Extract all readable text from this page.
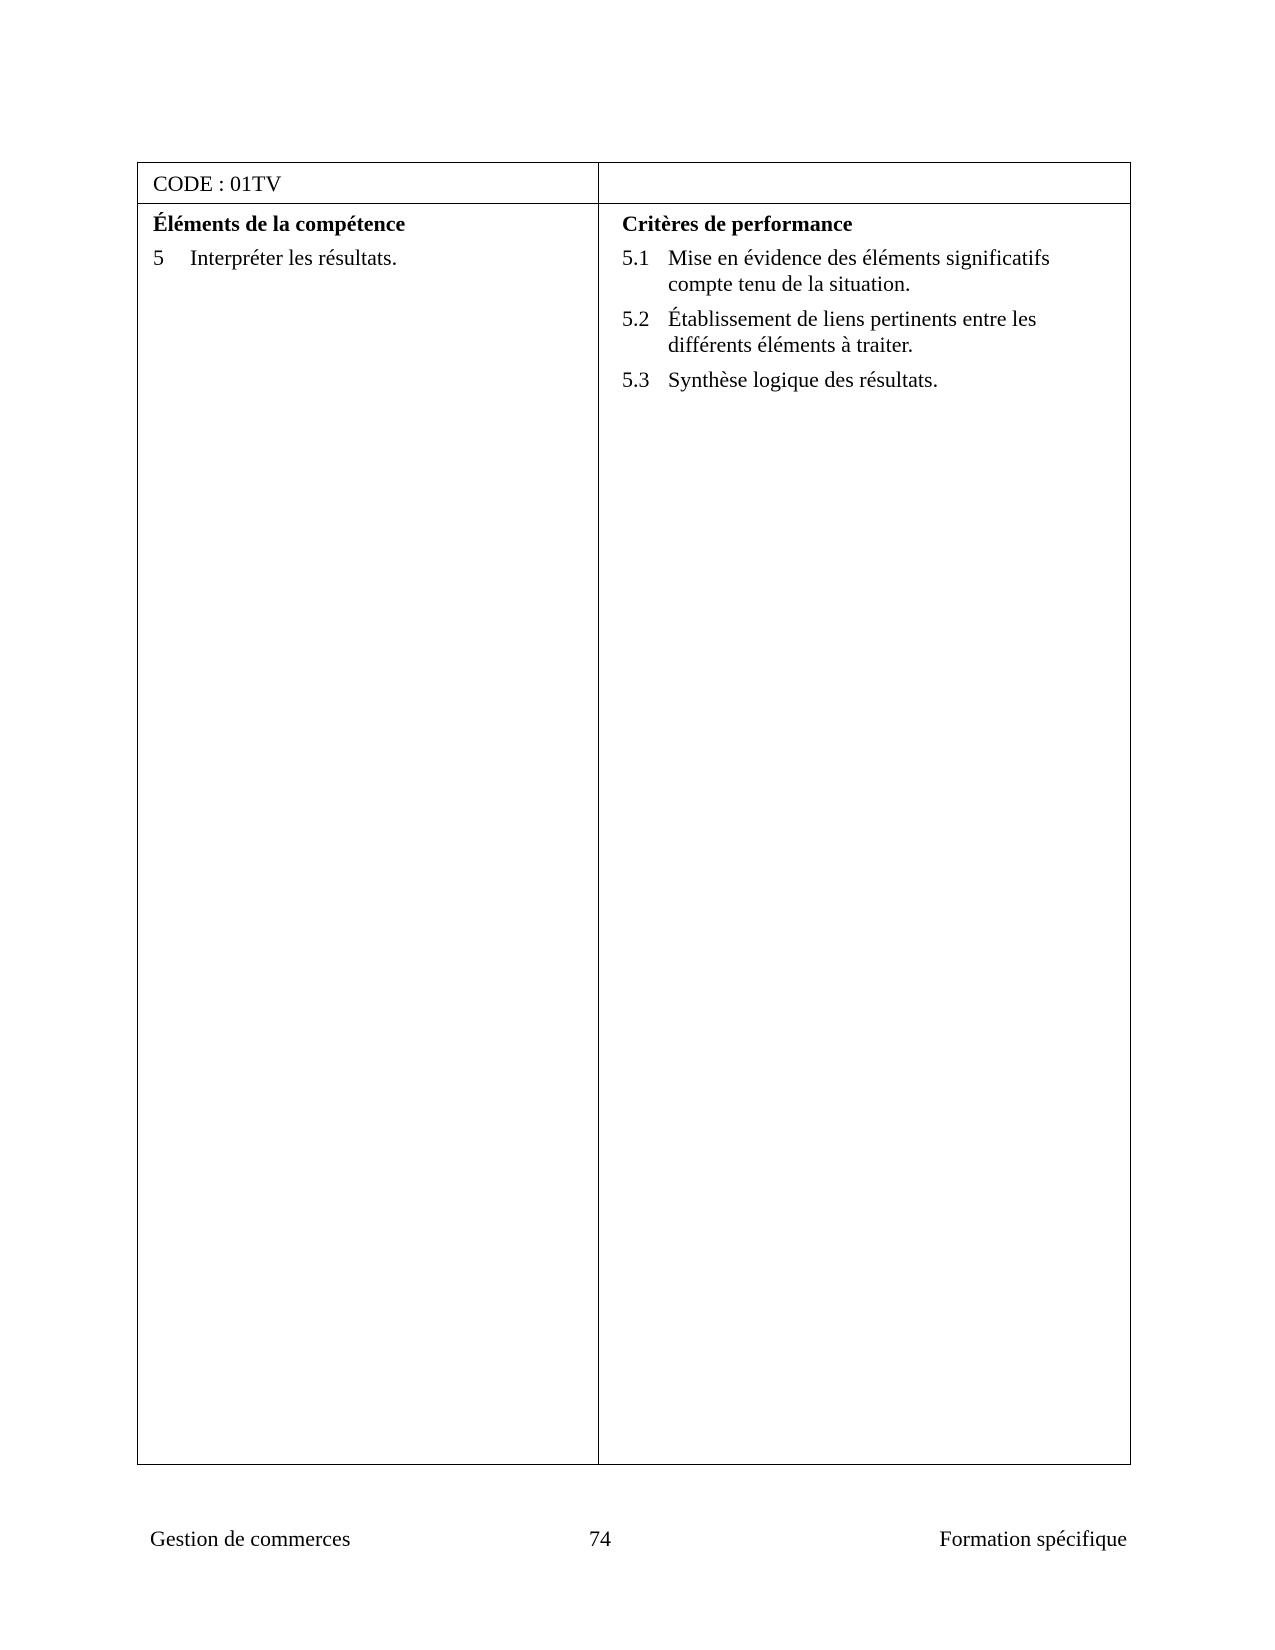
CODE : 01TV
Éléments de la compétence	Critères de performance
5 Interpréter les résultats.	5.1 Mise en évidence des éléments significatifs compte tenu de la situation.
5.2 Établissement de liens pertinents entre les différents éléments à traiter.
5.3 Synthèse logique des résultats.
Gestion de commerces	74	Formation spécifique
